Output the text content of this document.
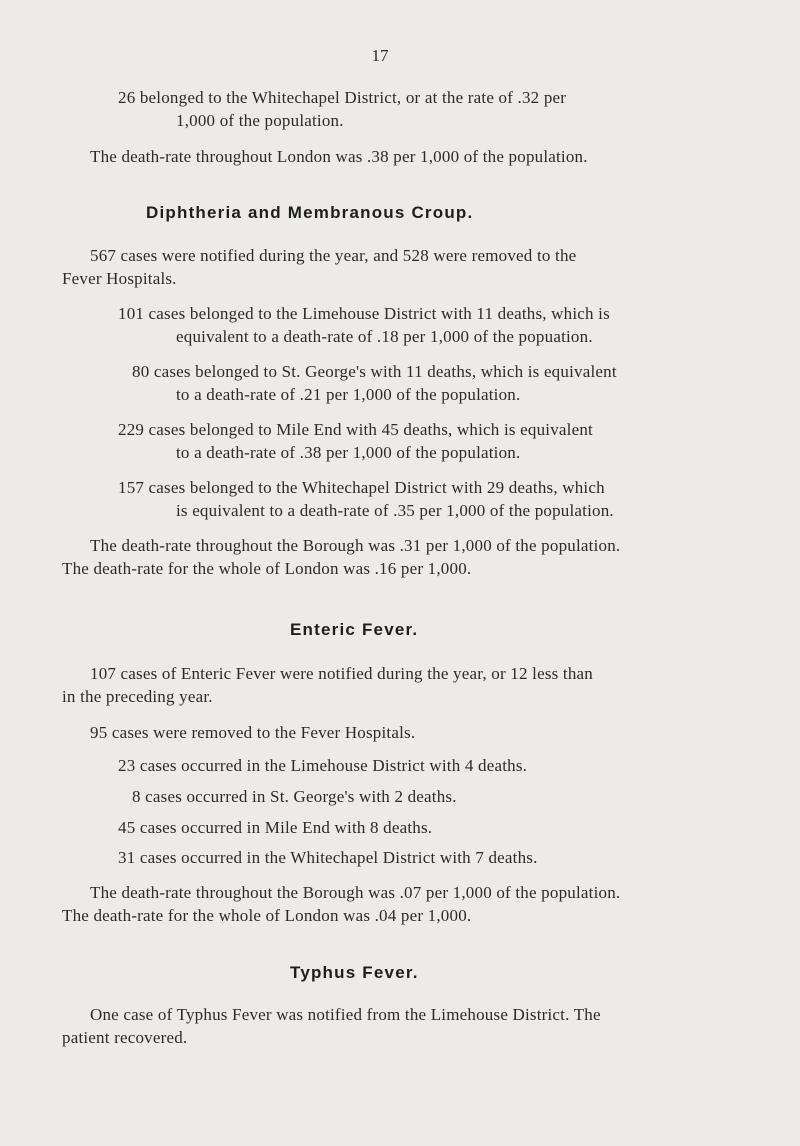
17
26 belonged to the Whitechapel District, or at the rate of .32 per
1,000 of the population.
The death-rate throughout London was .38 per 1,000 of the population.
Diphtheria and Membranous Croup.
567 cases were notified during the year, and 528 were removed to the
Fever Hospitals.
101 cases belonged to the Limehouse District with 11 deaths, which is
equivalent to a death-rate of .18 per 1,000 of the popuation.
80 cases belonged to St. George's with 11 deaths, which is equivalent
to a death-rate of .21 per 1,000 of the population.
229 cases belonged to Mile End with 45 deaths, which is equivalent
to a death-rate of .38 per 1,000 of the population.
157 cases belonged to the Whitechapel District with 29 deaths, which
is equivalent to a death-rate of .35 per 1,000 of the population.
The death-rate throughout the Borough was .31 per 1,000 of the population.
The death-rate for the whole of London was .16 per 1,000.
Enteric Fever.
107 cases of Enteric Fever were notified during the year, or 12 less than
in the preceding year.
95 cases were removed to the Fever Hospitals.
23 cases occurred in the Limehouse District with 4 deaths.
8 cases occurred in St. George's with 2 deaths.
45 cases occurred in Mile End with 8 deaths.
31 cases occurred in the Whitechapel District with 7 deaths.
The death-rate throughout the Borough was .07 per 1,000 of the population.
The death-rate for the whole of London was .04 per 1,000.
Typhus Fever.
One case of Typhus Fever was notified from the Limehouse District. The
patient recovered.
